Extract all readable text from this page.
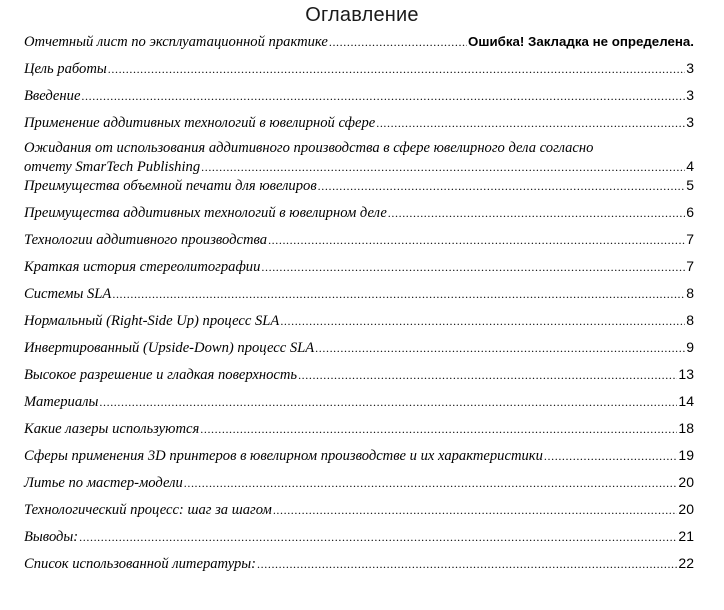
Оглавление
Отчетный лист по эксплуатационной практике .....	Ошибка! Закладка не определена.
Цель работы .....	3
Введение .....	3
Применение аддитивных технологий в ювелирной сфере .....	3
Ожидания от использования аддитивного производства в сфере ювелирного дела согласно
отчету SmarTech Publishing .....	4
Преимущества объемной печати для ювелиров .....	5
Преимущества аддитивных технологий в ювелирном деле .....	6
Технологии аддитивного производства .....	7
Краткая история стереолитографии .....	7
Системы SLA .....	8
Нормальный (Right-Side Up) процесс SLA .....	8
Инвертированный (Upside-Down) процесс SLA .....	9
Высокое разрешение и гладкая поверхность .....	13
Материалы .....	14
Какие лазеры используются .....	18
Сферы применения 3D принтеров в ювелирном производстве и их характеристики .....	19
Литье по мастер-модели .....	20
Технологический процесс: шаг за шагом .....	20
Выводы: .....	21
Список использованной литературы: .....	22
